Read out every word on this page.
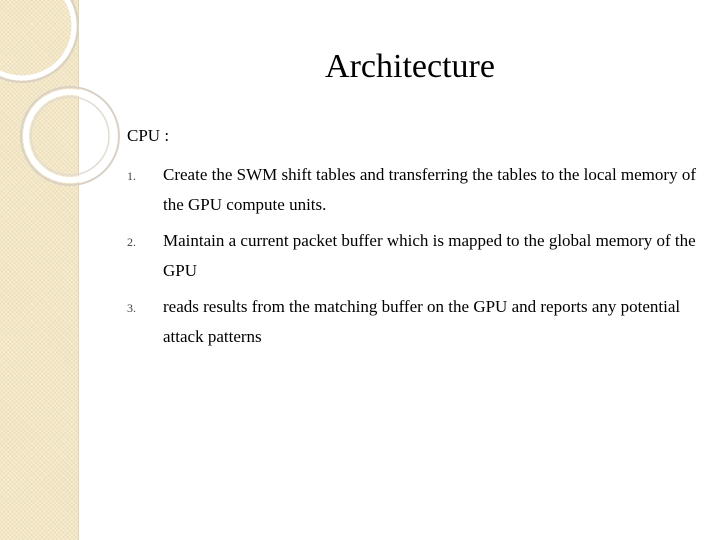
Architecture
CPU :
1. Create the SWM shift tables and transferring the tables to the local memory of the GPU compute units.
2. Maintain a current packet buffer which is mapped to the global memory of the GPU
3. reads results from the matching buffer on the GPU and reports any potential attack patterns
